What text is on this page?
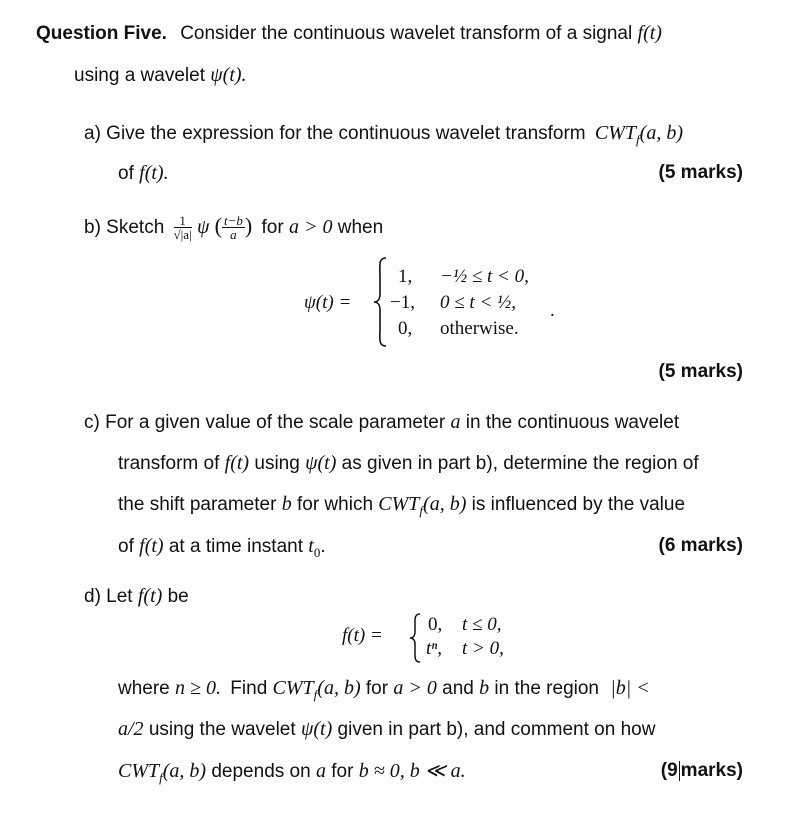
Question Five. Consider the continuous wavelet transform of a signal f(t)
using a wavelet ψ(t).
a) Give the expression for the continuous wavelet transform $CWT_f(a$, b)
of f(t).	(5 marks)
b) Sketch $\frac{1}{√|a|}$ ψ ( $\frac{t-b}{a}$ ) for a > 0 when
ψ(t) =
1, −½ ≤ t < 0,
−1, 0 ≤ t < ½,
0, otherwise.
.
(5 marks)
c) For a given value of the scale parameter a in the continuous wavelet
transform of f(t) using ψ(t) as given in part b), determine the region of
the shift parameter b for which $CWT_f(a$, b) is influenced by the value
of f(t) at a time instant $t_0$.	(6 marks)
d) Let f(t) be
f(t) =
0, t ≤ 0,
tⁿ, t > 0,
where n ≥ 0. Find $CWT_f(a$, b) for a > 0 and b in the region |b| <
a/2 using the wavelet ψ(t) given in part b), and comment on how
$CWT_f(a$, b) depends on a for b ≈ 0, b ≪ a.	(9 marks)
